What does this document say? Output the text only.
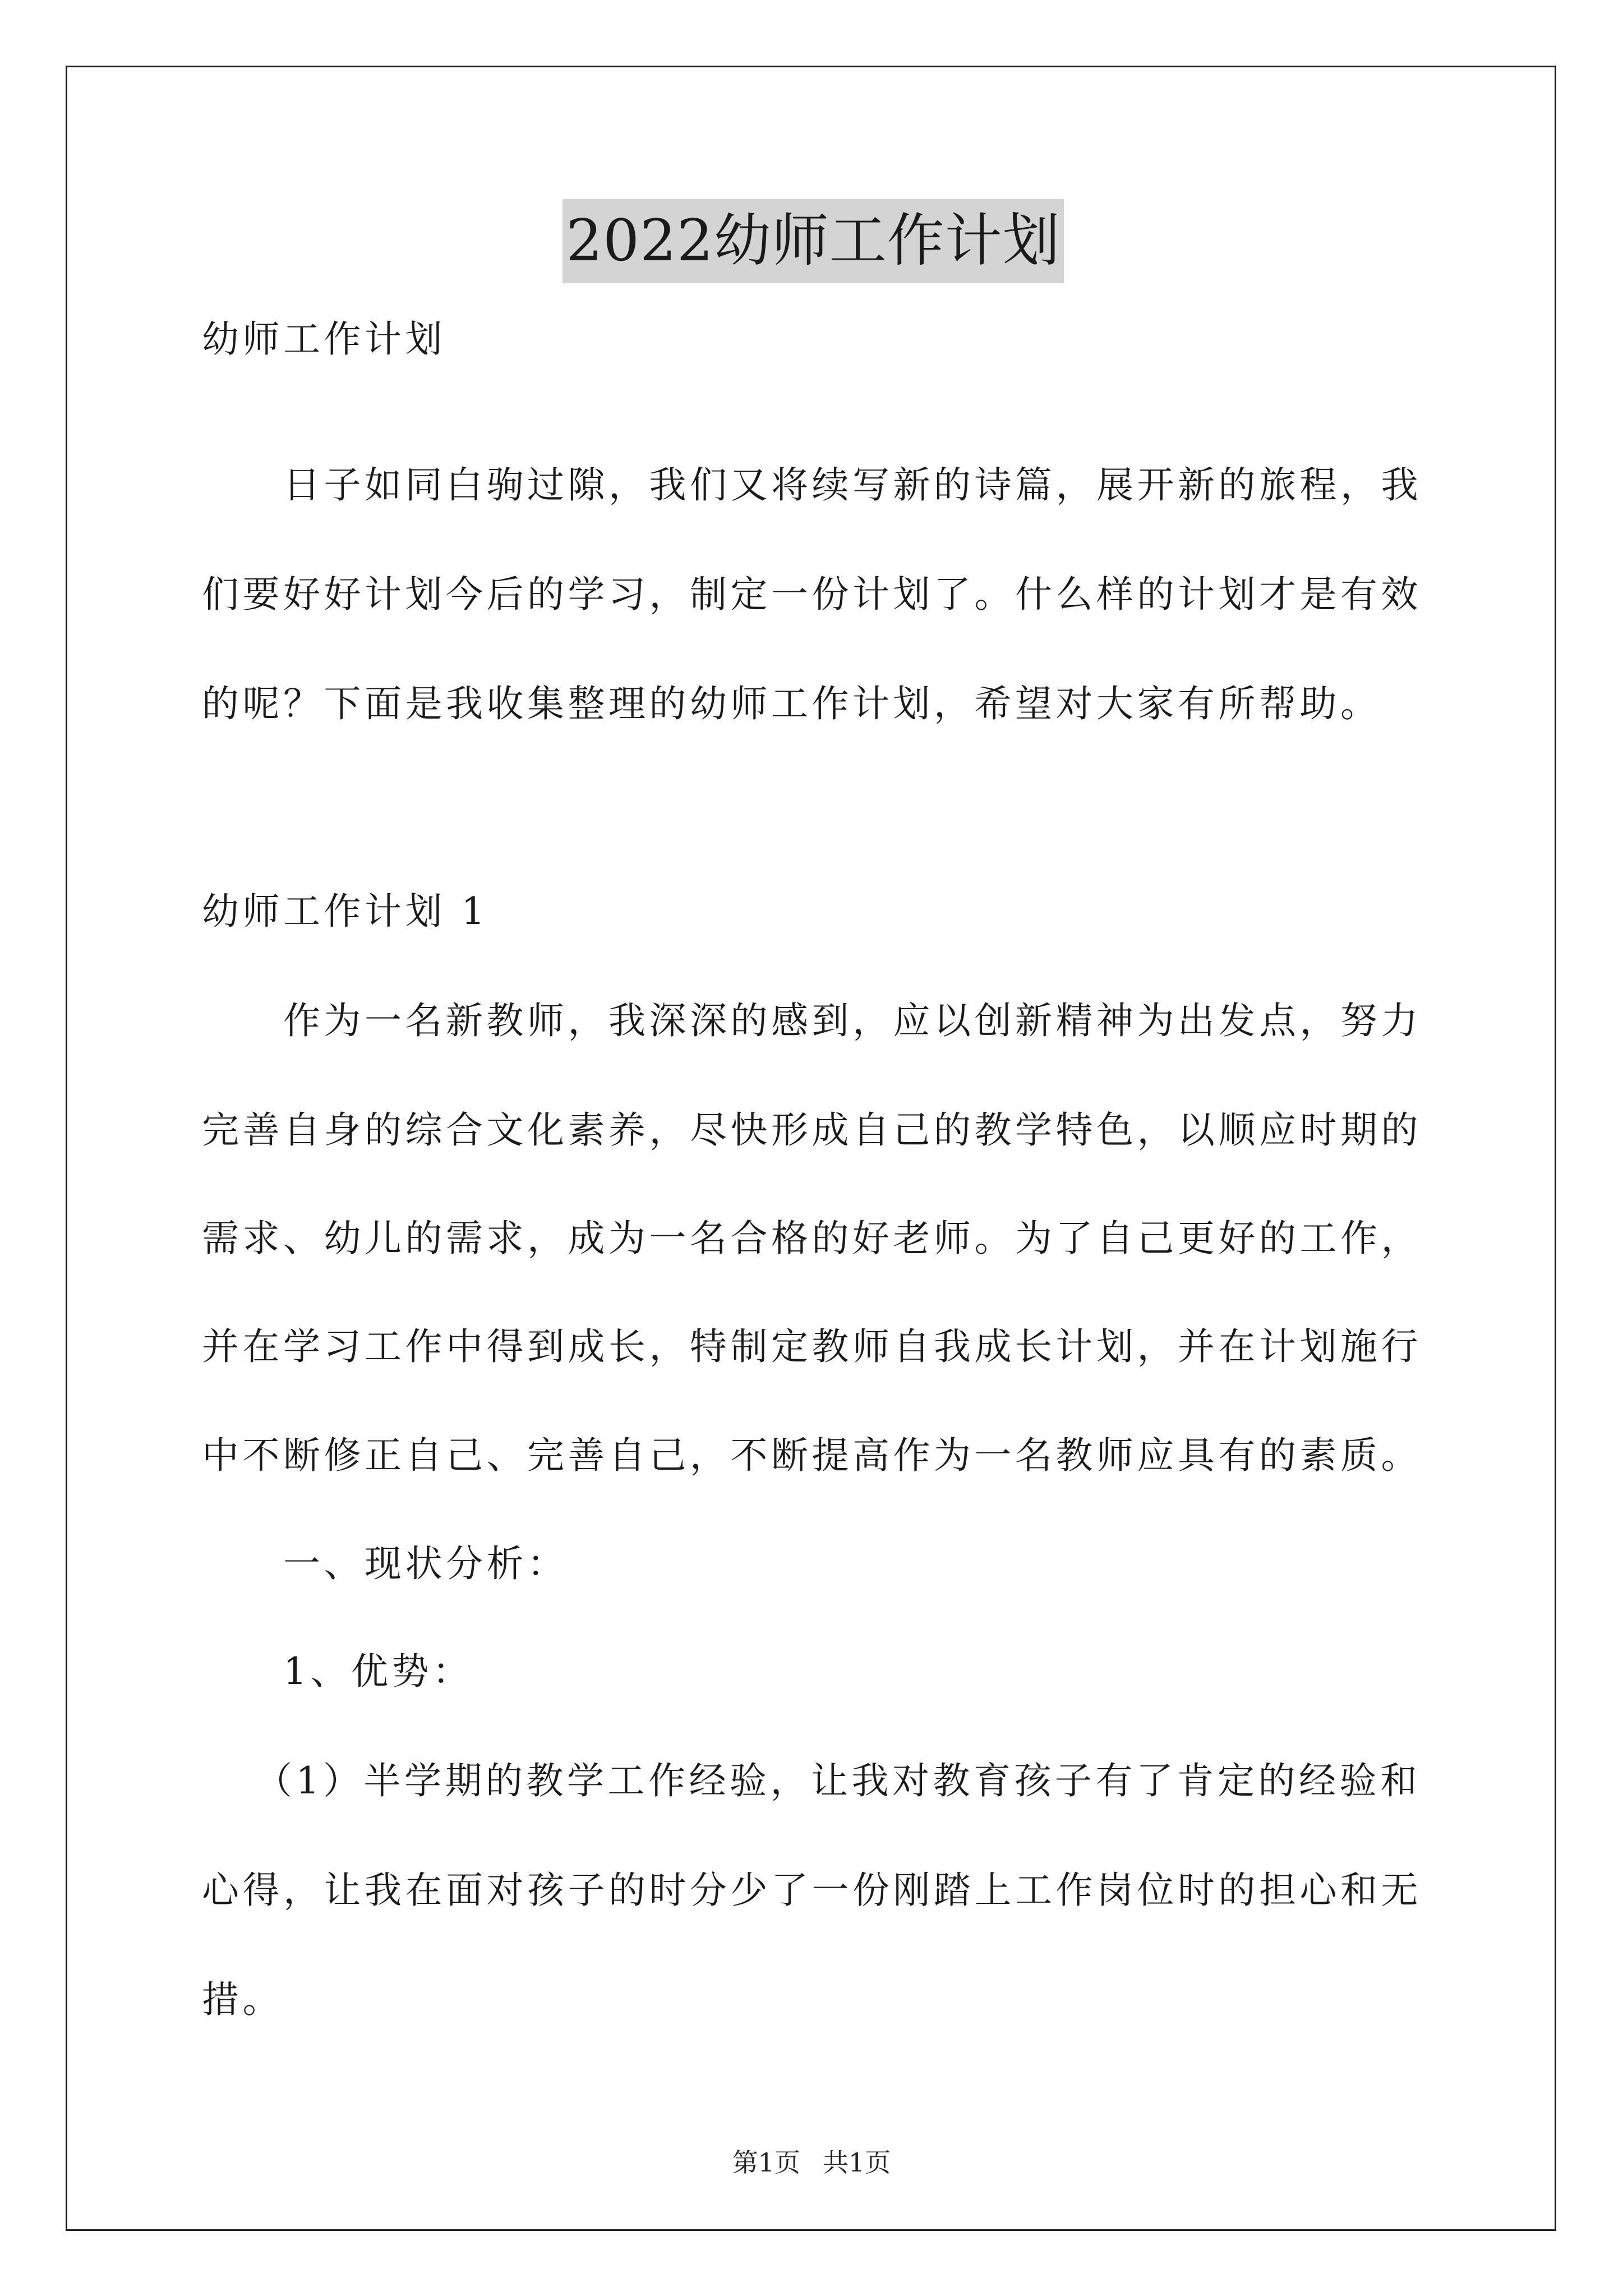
2022幼师工作计划
幼师工作计划
日子如同白驹过隙，我们又将续写新的诗篇，展开新的旅程，我
们要好好计划今后的学习，制定一份计划了。什么样的计划才是有效
的呢？下面是我收集整理的幼师工作计划，希望对大家有所帮助。
幼师工作计划 1
作为一名新教师，我深深的感到，应以创新精神为出发点，努力
完善自身的综合文化素养，尽快形成自己的教学特色，以顺应时期的
需求、幼儿的需求，成为一名合格的好老师。为了自己更好的工作，
并在学习工作中得到成长，特制定教师自我成长计划，并在计划施行
中不断修正自己、完善自己，不断提高作为一名教师应具有的素质。
一、现状分析：
1、优势：
（1）半学期的教学工作经验，让我对教育孩子有了肯定的经验和
心得，让我在面对孩子的时分少了一份刚踏上工作岗位时的担心和无
措。
第1页 共1页
